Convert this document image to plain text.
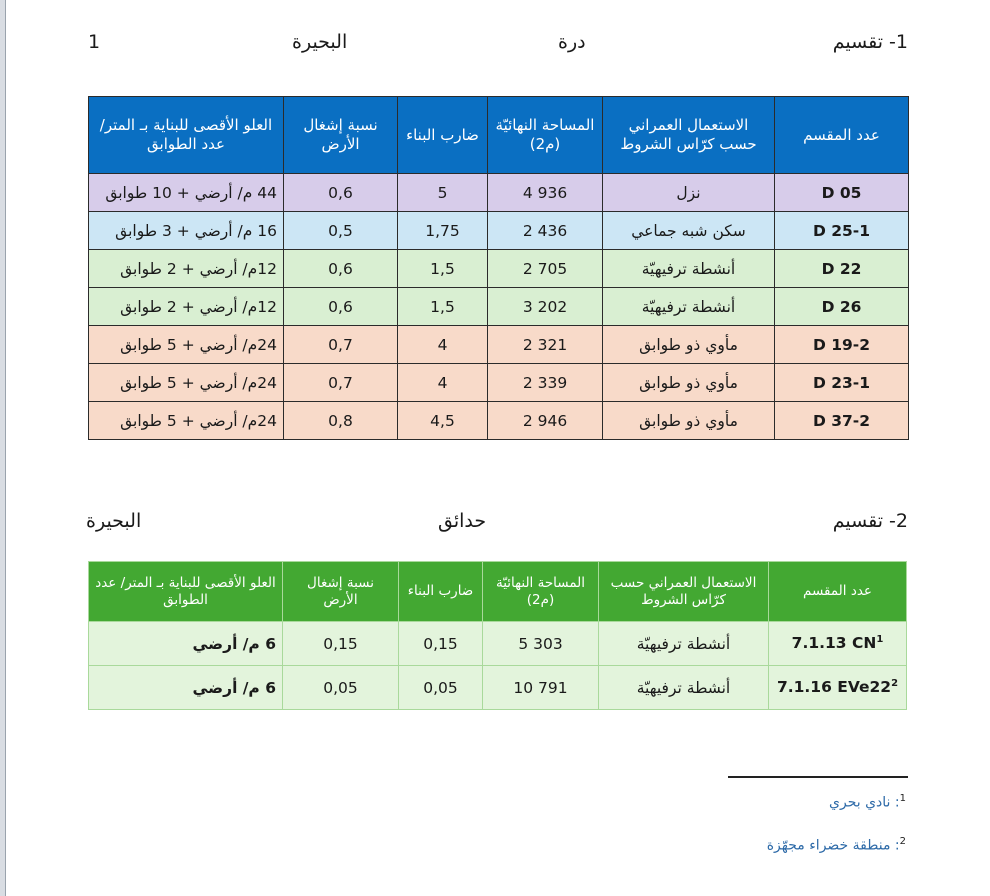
1	البحيرة	درة	1- تقسيم
عدد المقسم	الاستعمال العمراني حسب كرّاس الشروط	المساحة النهائيّة (م2)	ضارب البناء	نسبة إشغال الأرض	العلو الأقصى للبناية بـ المتر/ عدد الطوابق
D 05	نزل	4 936	5	0,6	44 م/ أرضي + 10 طوابق
D 25-1	سكن شبه جماعي	2 436	1,75	0,5	16 م/ أرضي + 3 طوابق
D 22	أنشطة ترفيهيّة	2 705	1,5	0,6	12م/ أرضي + 2 طوابق
D 26	أنشطة ترفيهيّة	3 202	1,5	0,6	12م/ أرضي + 2 طوابق
D 19-2	مأوي ذو طوابق	2 321	4	0,7	24م/ أرضي + 5 طوابق
D 23-1	مأوي ذو طوابق	2 339	4	0,7	24م/ أرضي + 5 طوابق
D 37-2	مأوي ذو طوابق	2 946	4,5	0,8	24م/ أرضي + 5 طوابق
البحيرة	حدائق	2- تقسيم
عدد المقسم	الاستعمال العمراني حسب كرّاس الشروط	المساحة النهائيّة (م2)	ضارب البناء	نسبة إشغال الأرض	العلو الأقصى للبناية بـ المتر/ عدد الطوابق
7.1.13 $CN^1$	أنشطة ترفيهيّة	5 303	0,15	0,15	6 م/ أرضي
7.1.16 $EVe22^2$	أنشطة ترفيهيّة	10 791	0,05	0,05	6 م/ أرضي
$^1$: نادي بحري
$^2$: منطقة خضراء مجهّزة
